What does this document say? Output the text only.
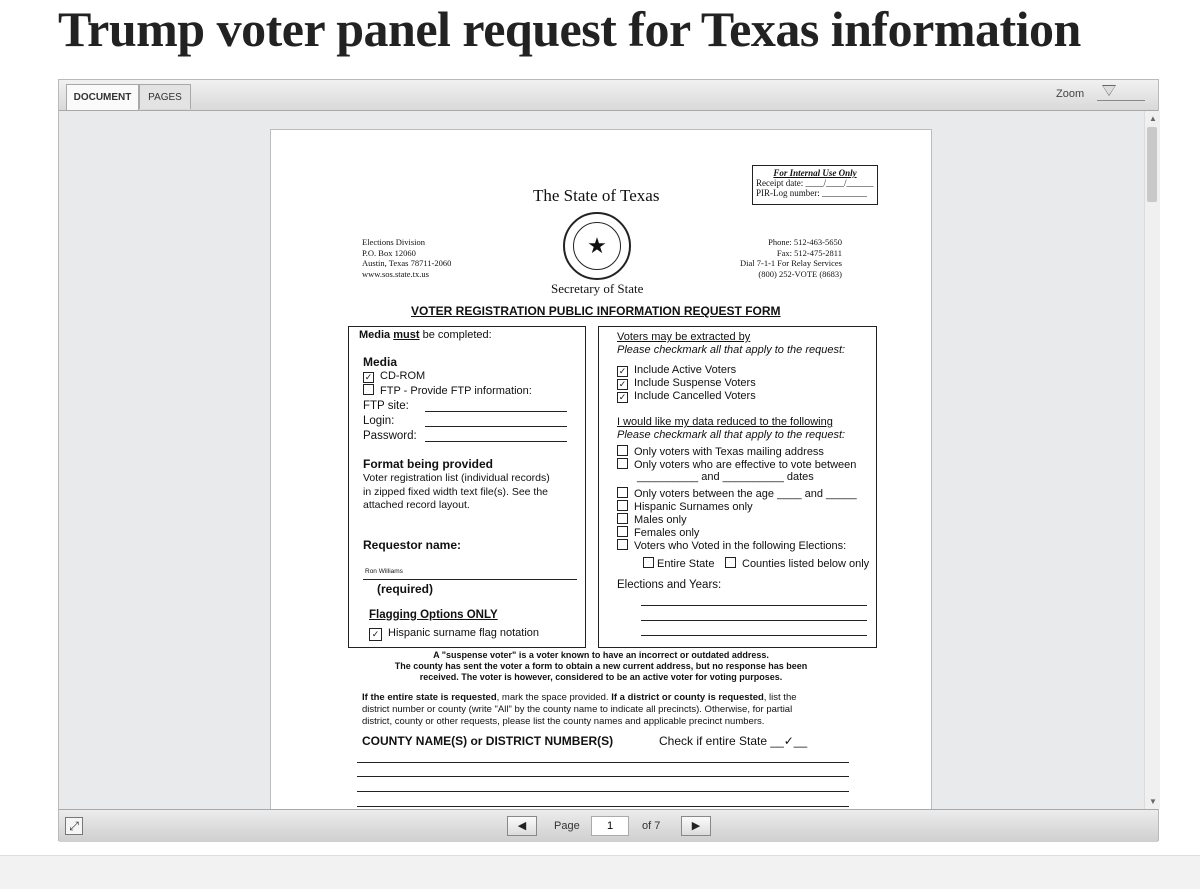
Trump voter panel request for Texas information
DOCUMENT	PAGES	Zoom
For Internal Use Only
Receipt date: ____/____/______
PIR-Log number: __________
The State of Texas
★
Elections Division
P.O. Box 12060
Austin, Texas 78711-2060
www.sos.state.tx.us
Phone: 512-463-5650
Fax: 512-475-2811
Dial 7-1-1 For Relay Services
(800) 252-VOTE (8683)
Secretary of State
VOTER REGISTRATION PUBLIC INFORMATION REQUEST FORM
Media must be completed:
Media
✓ CD-ROM
FTP - Provide FTP information:
FTP site:
Login:
Password:
Format being provided
Voter registration list (individual records)
in zipped fixed width text file(s). See the
attached record layout.
Requestor name:
Ron Williams
(required)
Flagging Options ONLY
✓ Hispanic surname flag notation
Voters may be extracted by
Please checkmark all that apply to the request:
✓ Include Active Voters
✓ Include Suspense Voters
✓ Include Cancelled Voters
I would like my data reduced to the following
Please checkmark all that apply to the request:
Only voters with Texas mailing address
Only voters who are effective to vote between
__________ and __________ dates
Only voters between the age ____ and _____
Hispanic Surnames only
Males only
Females only
Voters who Voted in the following Elections:
Entire State	Counties listed below only
Elections and Years:
A "suspense voter" is a voter known to have an incorrect or outdated address.
The county has sent the voter a form to obtain a new current address, but no response has been
received. The voter is however, considered to be an active voter for voting purposes.
If the entire state is requested, mark the space provided. If a district or county is requested, list the
district number or county (write "All" by the county name to indicate all precincts). Otherwise, for partial
district, county or other requests, please list the county names and applicable precinct numbers.
COUNTY NAME(S) or DISTRICT NUMBER(S)	Check if entire State __✓__
▲
▼
⤢	◀	Page
1	of 7	▶
